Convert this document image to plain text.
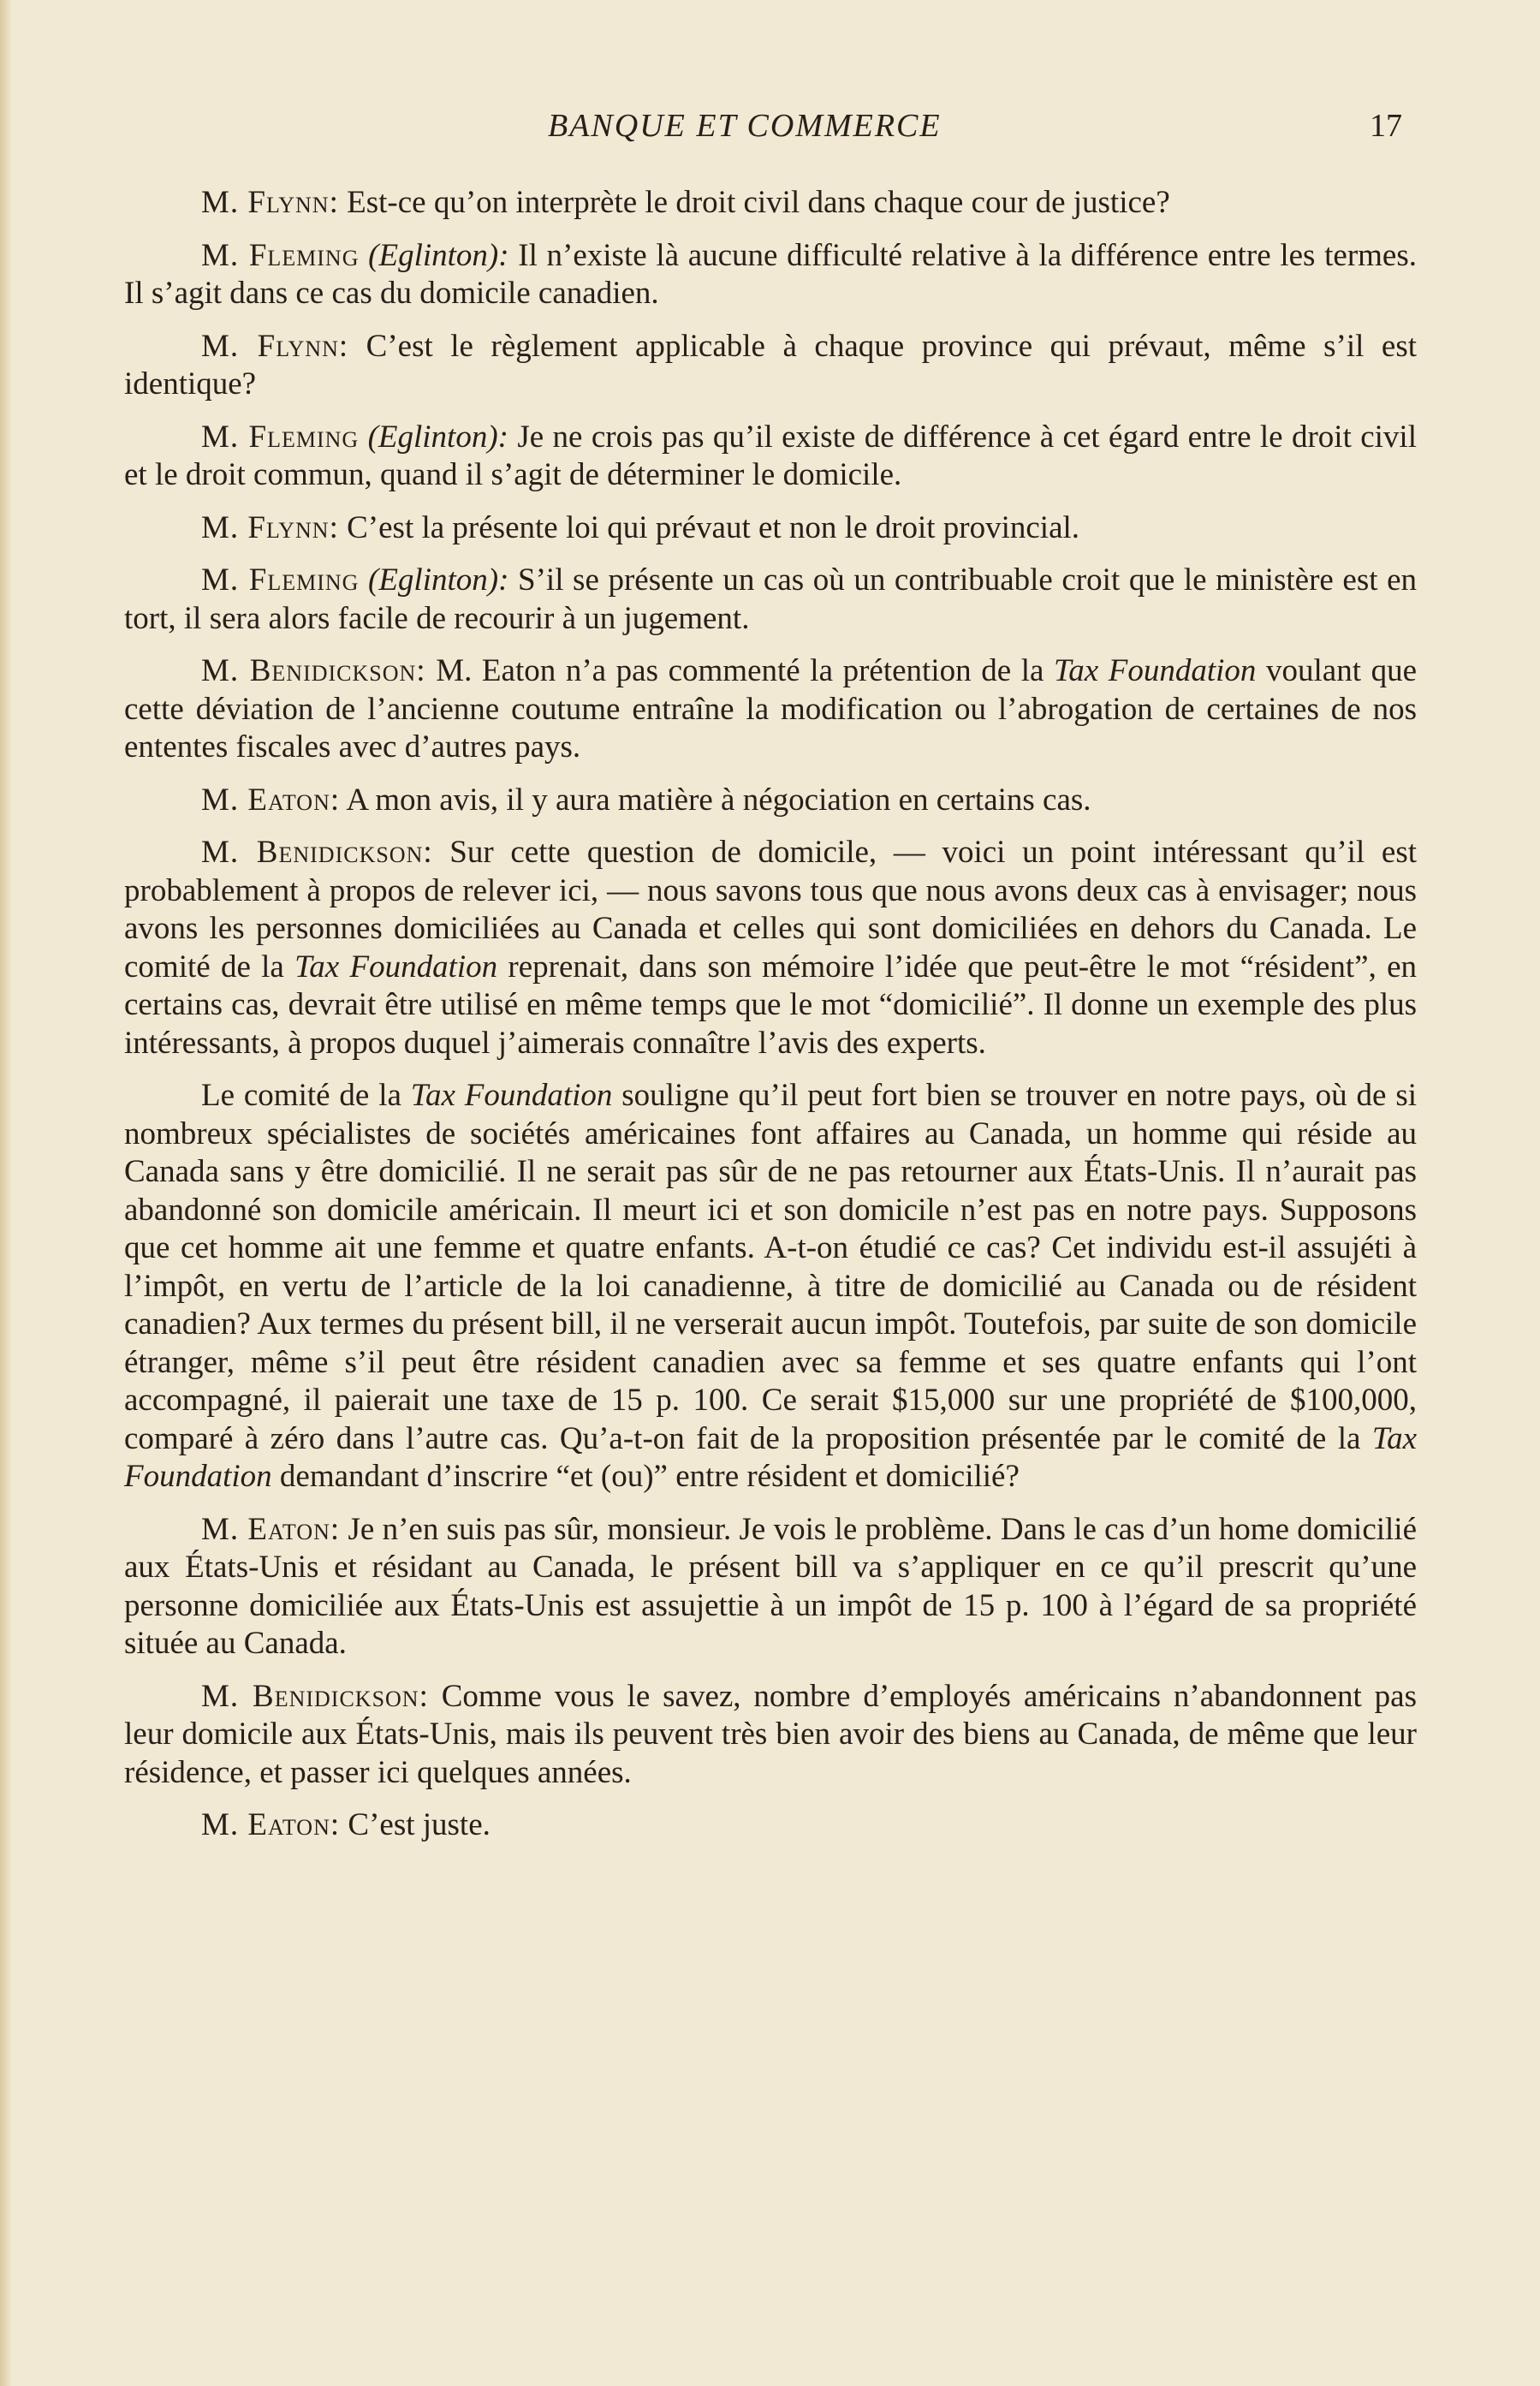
BANQUE ET COMMERCE	17

M. Flynn: Est-ce qu’on interprète le droit civil dans chaque cour de justice?

M. Fleming (Eglinton): Il n’existe là aucune difficulté relative à la différence entre les termes. Il s’agit dans ce cas du domicile canadien.

M. Flynn: C’est le règlement applicable à chaque province qui prévaut, même s’il est identique?

M. Fleming (Eglinton): Je ne crois pas qu’il existe de différence à cet égard entre le droit civil et le droit commun, quand il s’agit de déterminer le domicile.

M. Flynn: C’est la présente loi qui prévaut et non le droit provincial.

M. Fleming (Eglinton): S’il se présente un cas où un contribuable croit que le ministère est en tort, il sera alors facile de recourir à un jugement.

M. Benidickson: M. Eaton n’a pas commenté la prétention de la Tax Foundation voulant que cette déviation de l’ancienne coutume entraîne la modification ou l’abrogation de certaines de nos ententes fiscales avec d’autres pays.

M. Eaton: A mon avis, il y aura matière à négociation en certains cas.

M. Benidickson: Sur cette question de domicile, — voici un point intéressant qu’il est probablement à propos de relever ici, — nous savons tous que nous avons deux cas à envisager; nous avons les personnes domiciliées au Canada et celles qui sont domiciliées en dehors du Canada. Le comité de la Tax Foundation reprenait, dans son mémoire l’idée que peut-être le mot “résident”, en certains cas, devrait être utilisé en même temps que le mot “domicilié”. Il donne un exemple des plus intéressants, à propos duquel j’aimerais connaître l’avis des experts.

Le comité de la Tax Foundation souligne qu’il peut fort bien se trouver en notre pays, où de si nombreux spécialistes de sociétés américaines font affaires au Canada, un homme qui réside au Canada sans y être domicilié. Il ne serait pas sûr de ne pas retourner aux États-Unis. Il n’aurait pas abandonné son domicile américain. Il meurt ici et son domicile n’est pas en notre pays. Supposons que cet homme ait une femme et quatre enfants. A-t-on étudié ce cas? Cet individu est-il assujéti à l’impôt, en vertu de l’article de la loi canadienne, à titre de domicilié au Canada ou de résident canadien? Aux termes du présent bill, il ne verserait aucun impôt. Toutefois, par suite de son domicile étranger, même s’il peut être résident canadien avec sa femme et ses quatre enfants qui l’ont accompagné, il paierait une taxe de 15 p. 100. Ce serait $15,000 sur une propriété de $100,000, comparé à zéro dans l’autre cas. Qu’a-t-on fait de la proposition présentée par le comité de la Tax Foundation demandant d’inscrire “et (ou)” entre résident et domicilié?

M. Eaton: Je n’en suis pas sûr, monsieur. Je vois le problème. Dans le cas d’un home domicilié aux États-Unis et résidant au Canada, le présent bill va s’appliquer en ce qu’il prescrit qu’une personne domiciliée aux États-Unis est assujettie à un impôt de 15 p. 100 à l’égard de sa propriété située au Canada.

M. Benidickson: Comme vous le savez, nombre d’employés américains n’abandonnent pas leur domicile aux États-Unis, mais ils peuvent très bien avoir des biens au Canada, de même que leur résidence, et passer ici quelques années.

M. Eaton: C’est juste.
